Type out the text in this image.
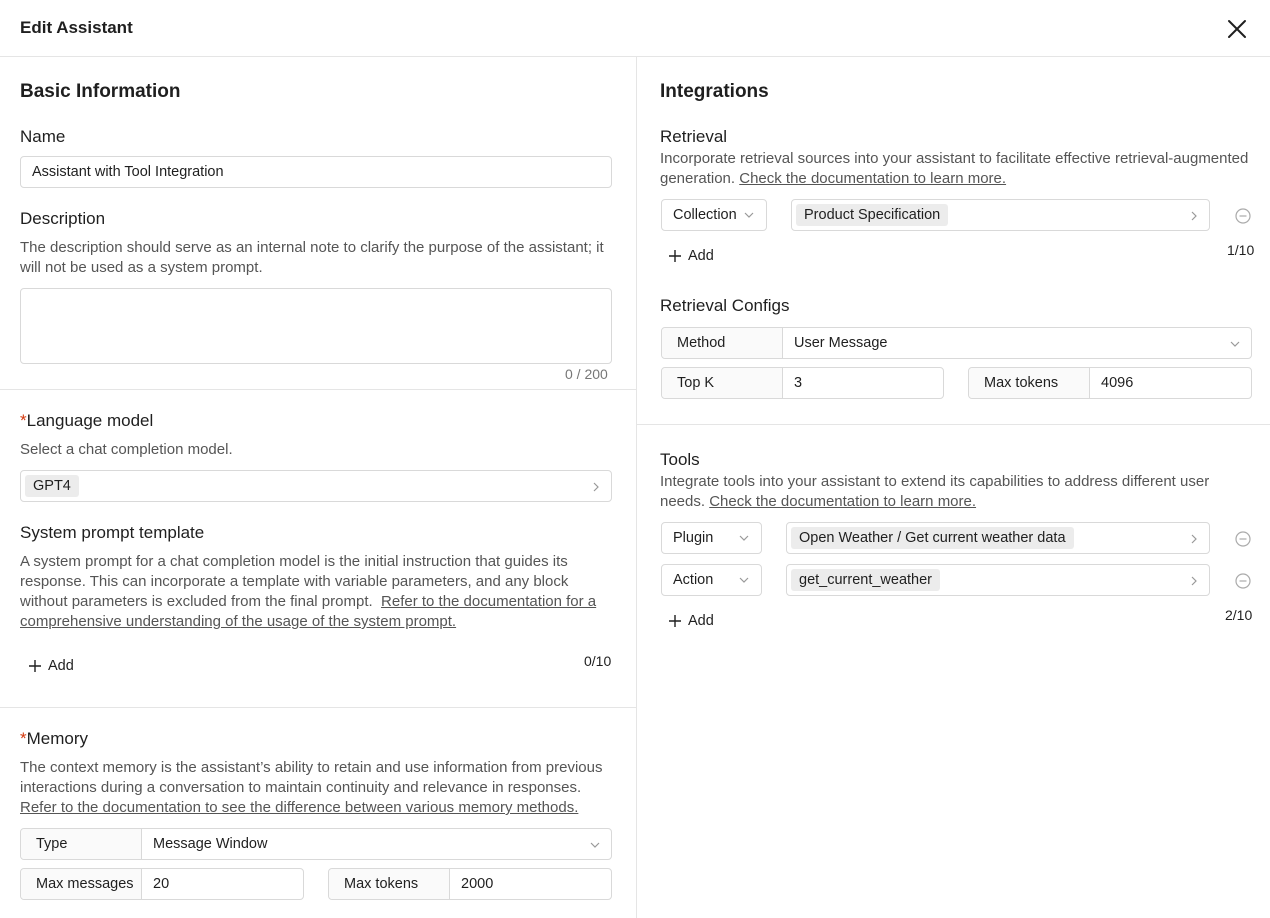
Edit Assistant
Basic Information
Name
Assistant with Tool Integration
Description
The description should serve as an internal note to clarify the purpose of the assistant; it will not be used as a system prompt.
0 / 200
*Language model
Select a chat completion model.
GPT4
System prompt template
A system prompt for a chat completion model is the initial instruction that guides its response. This can incorporate a template with variable parameters, and any block without parameters is excluded from the final prompt. Refer to the documentation for a comprehensive understanding of the usage of the system prompt.
Add	0/10
*Memory
The context memory is the assistant’s ability to retain and use information from previous interactions during a conversation to maintain continuity and relevance in responses. Refer to the documentation to see the difference between various memory methods.
Type	Message Window
Max messages	20	Max tokens	2000
Integrations
Retrieval
Incorporate retrieval sources into your assistant to facilitate effective retrieval-augmented generation. Check the documentation to learn more.
Collection	Product Specification
Add	1/10
Retrieval Configs
Method	User Message
Top K	3	Max tokens	4096
Tools
Integrate tools into your assistant to extend its capabilities to address different user needs. Check the documentation to learn more.
Plugin	Open Weather / Get current weather data
Action	get_current_weather
Add	2/10
